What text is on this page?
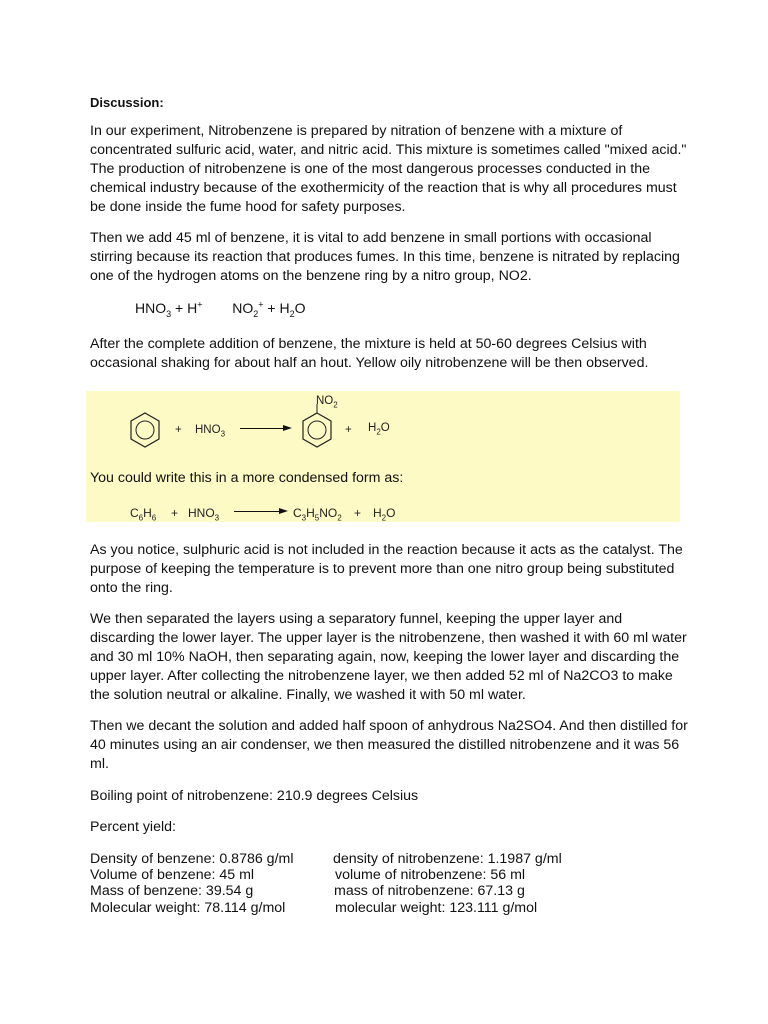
Discussion:

In our experiment, Nitrobenzene is prepared by nitration of benzene with a mixture of concentrated sulfuric acid, water, and nitric acid. This mixture is sometimes called "mixed acid." The production of nitrobenzene is one of the most dangerous processes conducted in the chemical industry because of the exothermicity of the reaction that is why all procedures must be done inside the fume hood for safety purposes.

Then we add 45 ml of benzene, it is vital to add benzene in small portions with occasional stirring because its reaction that produces fumes. In this time, benzene is nitrated by replacing one of the hydrogen atoms on the benzene ring by a nitro group, NO2.

$HNO_3 + H^+$ $NO_2^+ + H_2O$

After the complete addition of benzene, the mixture is held at 50-60 degrees Celsius with occasional shaking for about half an hout. Yellow oily nitrobenzene will be then observed.

+ $HNO_3$
$NO_2$
+ $H_2O$
You could write this in a more condensed form as:
$C_6H_6 + HNO_3$	$C_3H_5NO_2 + H_2O$

As you notice, sulphuric acid is not included in the reaction because it acts as the catalyst. The purpose of keeping the temperature is to prevent more than one nitro group being substituted onto the ring.

We then separated the layers using a separatory funnel, keeping the upper layer and discarding the lower layer. The upper layer is the nitrobenzene, then washed it with 60 ml water and 30 ml 10% NaOH, then separating again, now, keeping the lower layer and discarding the upper layer. After collecting the nitrobenzene layer, we then added 52 ml of Na2CO3 to make the solution neutral or alkaline. Finally, we washed it with 50 ml water.

Then we decant the solution and added half spoon of anhydrous Na2SO4. And then distilled for 40 minutes using an air condenser, we then measured the distilled nitrobenzene and it was 56 ml.

Boiling point of nitrobenzene: 210.9 degrees Celsius

Percent yield:

Density of benzene: 0.8786 g/ml	density of nitrobenzene: 1.1987 g/ml
Volume of benzene: 45 ml	volume of nitrobenzene: 56 ml
Mass of benzene: 39.54 g	mass of nitrobenzene: 67.13 g
Molecular weight: 78.114 g/mol	molecular weight: 123.111 g/mol
